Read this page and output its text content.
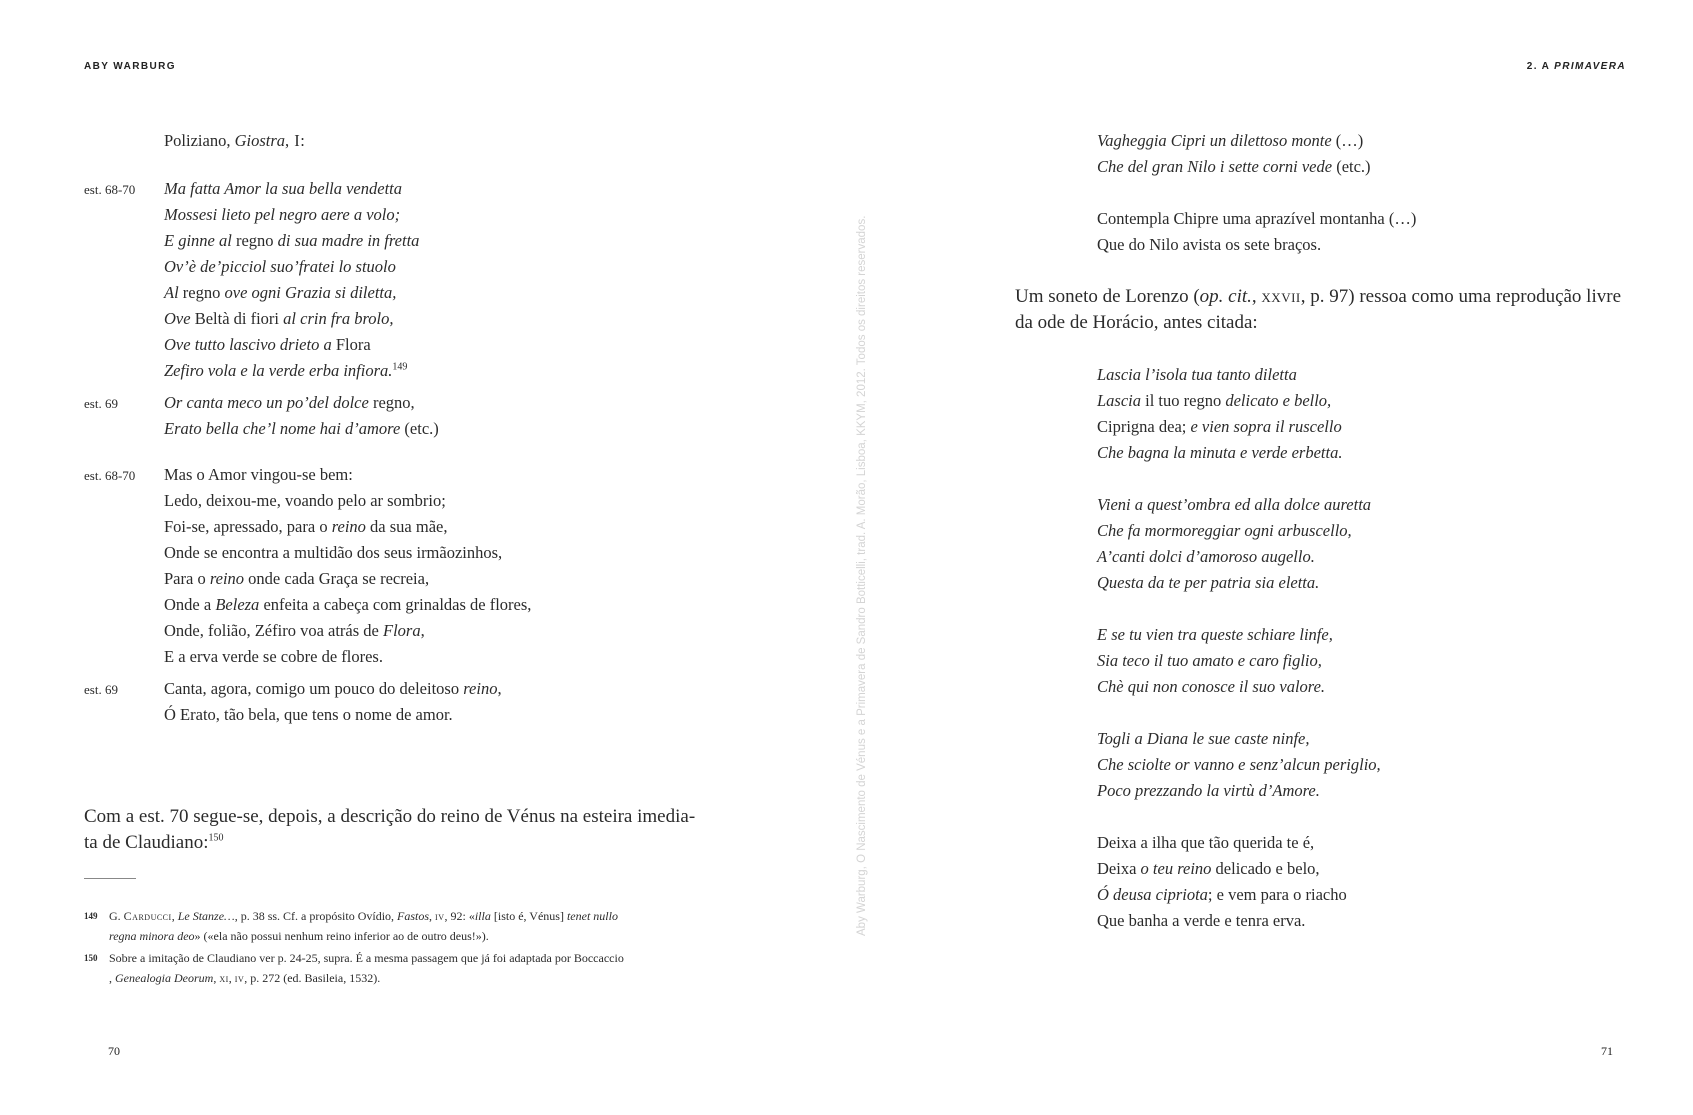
ABY WARBURG
Poliziano, Giostra, I:
est. 68-70 Ma fatta Amor la sua bella vendetta
Mossesi lieto pel negro aere a volo;
E ginne al regno di sua madre in fretta
Ov’è de’picciol suo’fratei lo stuolo
Al regno ove ogni Grazia si diletta,
Ove Beltà di fiori al crin fra brolo,
Ove tutto lascivo drieto a Flora
Zefiro vola e la verde erba infiora.$^{149}$
est. 69	Or canta meco un po’del dolce regno,
Erato bella che’l nome hai d’amore (etc.)
est. 68-70 Mas o Amor vingou-se bem:
Ledo, deixou-me, voando pelo ar sombrio;
Foi-se, apressado, para o reino da sua mãe,
Onde se encontra a multidão dos seus irmãozinhos,
Para o reino onde cada Graça se recreia,
Onde a Beleza enfeita a cabeça com grinaldas de flores,
Onde, folião, Zéfiro voa atrás de Flora,
E a erva verde se cobre de flores.
est. 69	Canta, agora, comigo um pouco do deleitoso reino,
Ó Erato, tão bela, que tens o nome de amor.
Com a est. 70 segue-se, depois, a descrição do reino de Vénus na esteira imedia-
ta de Claudiano:$^{150}$
149 G. Carducci, Le Stanze…, p. 38 ss. Cf. a propósito Ovídio, Fastos, iv, 92: «illa [isto é, Vénus] tenet nullo
regna minora deo» («ela não possui nenhum reino inferior ao de outro deus!»).
150 Sobre a imitação de Claudiano ver p. 24-25, supra. É a mesma passagem que já foi adaptada por Boccaccio
, Genealogia Deorum, xi, iv, p. 272 (ed. Basileia, 1532).
70
2. A PRIMAVERA
Vagheggia Cipri un dilettoso monte (…)
Che del gran Nilo i sette corni vede (etc.)
Contempla Chipre uma aprazível montanha (…)
Que do Nilo avista os sete braços.
Um soneto de Lorenzo (op. cit., xxvii, p. 97) ressoa como uma reprodução livre
da ode de Horácio, antes citada:
Lascia l’isola tua tanto diletta
Lascia il tuo regno delicato e bello,
Ciprigna dea; e vien sopra il ruscello
Che bagna la minuta e verde erbetta.
Vieni a quest’ombra ed alla dolce auretta
Che fa mormoreggiar ogni arbuscello,
A’canti dolci d’amoroso augello.
Questa da te per patria sia eletta.
E se tu vien tra queste schiare linfe,
Sia teco il tuo amato e caro figlio,
Chè qui non conosce il suo valore.
Togli a Diana le sue caste ninfe,
Che sciolte or vanno e senz’alcun periglio,
Poco prezzando la virtù d’Amore.
Deixa a ilha que tão querida te é,
Deixa o teu reino delicado e belo,
Ó deusa cipriota; e vem para o riacho
Que banha a verde e tenra erva.
71
Aby Warburg, O Nascimento de Vénus e a Primavera de Sandro Botticelli, trad. A. Morão, Lisboa, KKYM, 2012. Todos os direitos reservados.
